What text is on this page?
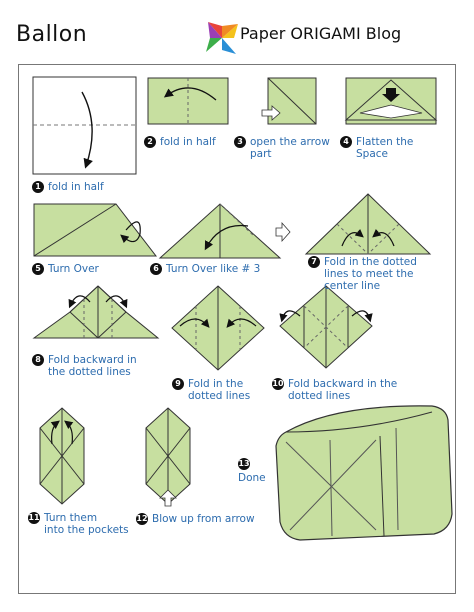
Ballon	Paper ORIGAMI Blog
1 fold in half
2 fold in half	3 open the arrow
part
4 Flatten the
Space
5 Turn Over	6 Turn Over like # 3
7 Fold in the dotted
lines to meet the
center line
8 Fold backward in
the dotted lines
9 Fold in the
dotted lines
10 Fold backward in the
dotted lines
11 Turn them
into the pockets
12 Blow up from arrow
13
Done
